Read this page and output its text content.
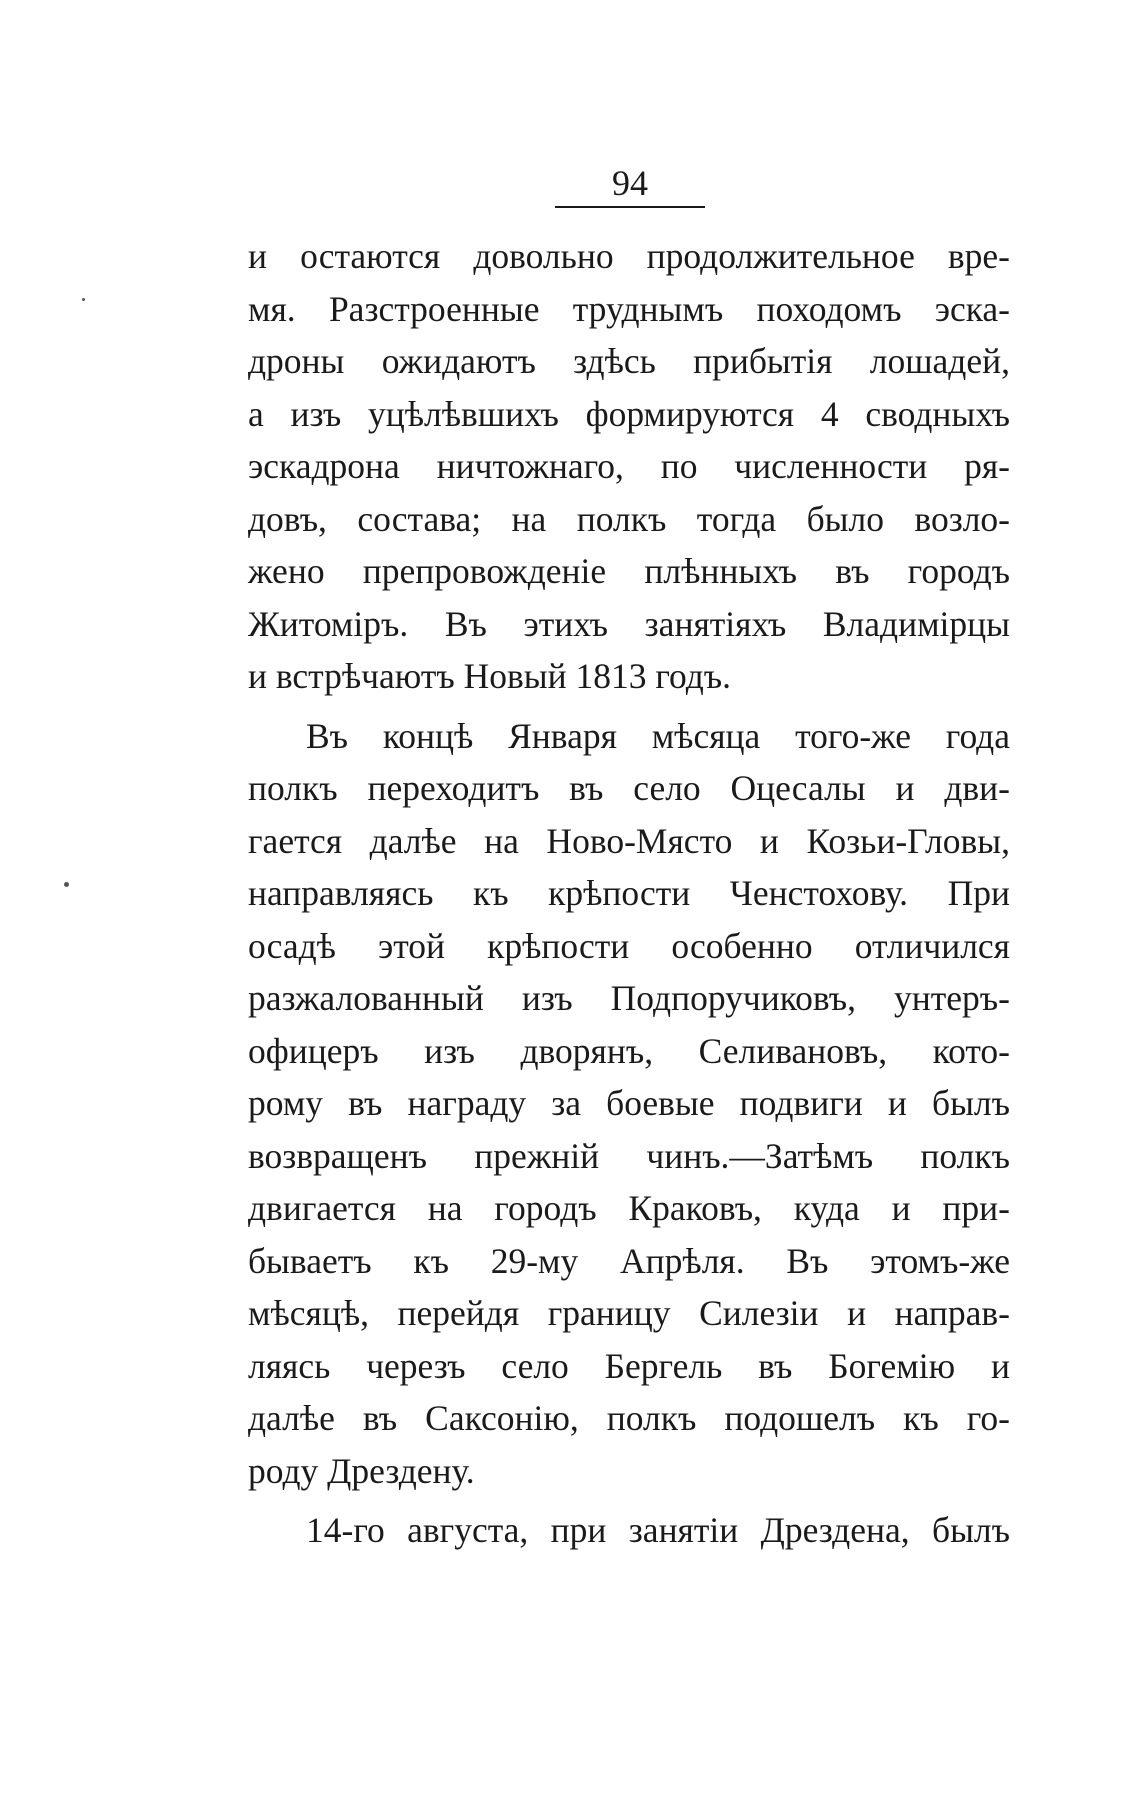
94
и остаются довольно продолжительное вре-
мя. Разстроенные труднымъ походомъ эска-
дроны ожидаютъ здѣсь прибытія лошадей,
а изъ уцѣлѣвшихъ формируются 4 сводныхъ
эскадрона ничтожнаго, по численности ря-
довъ, состава; на полкъ тогда было возло-
жено препровожденіе плѣнныхъ въ городъ
Житоміръ. Въ этихъ занятіяхъ Владимірцы
и встрѣчаютъ Новый 1813 годъ.
Въ концѣ Января мѣсяца того-же года
полкъ переходитъ въ село Оцесалы и дви-
гается далѣе на Ново-Място и Козьи-Гловы,
направляясь къ крѣпости Ченстохову. При
осадѣ этой крѣпости особенно отличился
разжалованный изъ Подпоручиковъ, унтеръ-
офицеръ изъ дворянъ, Селивановъ, кото-
рому въ награду за боевые подвиги и былъ
возвращенъ прежній чинъ.—Затѣмъ полкъ
двигается на городъ Краковъ, куда и при-
бываетъ къ 29-му Апрѣля. Въ этомъ-же
мѣсяцѣ, перейдя границу Силезіи и направ-
ляясь черезъ село Бергель въ Богемію и
далѣе въ Саксонію, полкъ подошелъ къ го-
роду Дрездену.
14-го августа, при занятіи Дрездена, былъ
